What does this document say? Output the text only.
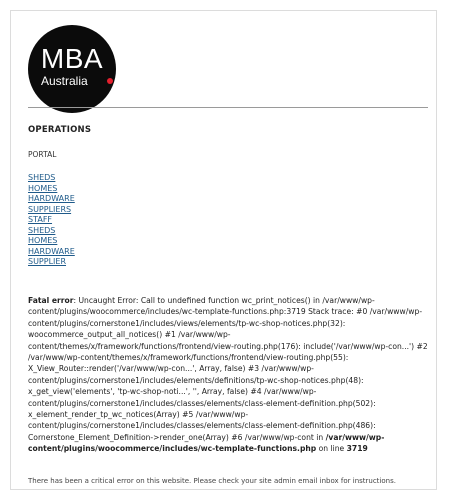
MBA
Australia
OPERATIONS
PORTAL
SHEDS
HOMES
HARDWARE
SUPPLIERS
STAFF
SHEDS
HOMES
HARDWARE
SUPPLIER
Fatal error: Uncaught Error: Call to undefined function wc_print_notices() in /var/www/wp-content/plugins/woocommerce/includes/wc-template-functions.php:3719 Stack trace: #0 /var/www/wp-content/plugins/cornerstone1/includes/views/elements/tp-wc-shop-notices.php(32): woocommerce_output_all_notices() #1 /var/www/wp-content/themes/x/framework/functions/frontend/view-routing.php(176): include('/var/www/wp-con...') #2 /var/www/wp-content/themes/x/framework/functions/frontend/view-routing.php(55): X_View_Router::render('/var/www/wp-con...', Array, false) #3 /var/www/wp-content/plugins/cornerstone1/includes/elements/definitions/tp-wc-shop-notices.php(48): x_get_view('elements', 'tp-wc-shop-noti...', '', Array, false) #4 /var/www/wp-content/plugins/cornerstone1/includes/classes/elements/class-element-definition.php(502): x_element_render_tp_wc_notices(Array) #5 /var/www/wp-content/plugins/cornerstone1/includes/classes/elements/class-element-definition.php(486): Cornerstone_Element_Definition->render_one(Array) #6 /var/www/wp-cont in /var/www/wp-content/plugins/woocommerce/includes/wc-template-functions.php on line 3719
There has been a critical error on this website. Please check your site admin email inbox for instructions.
